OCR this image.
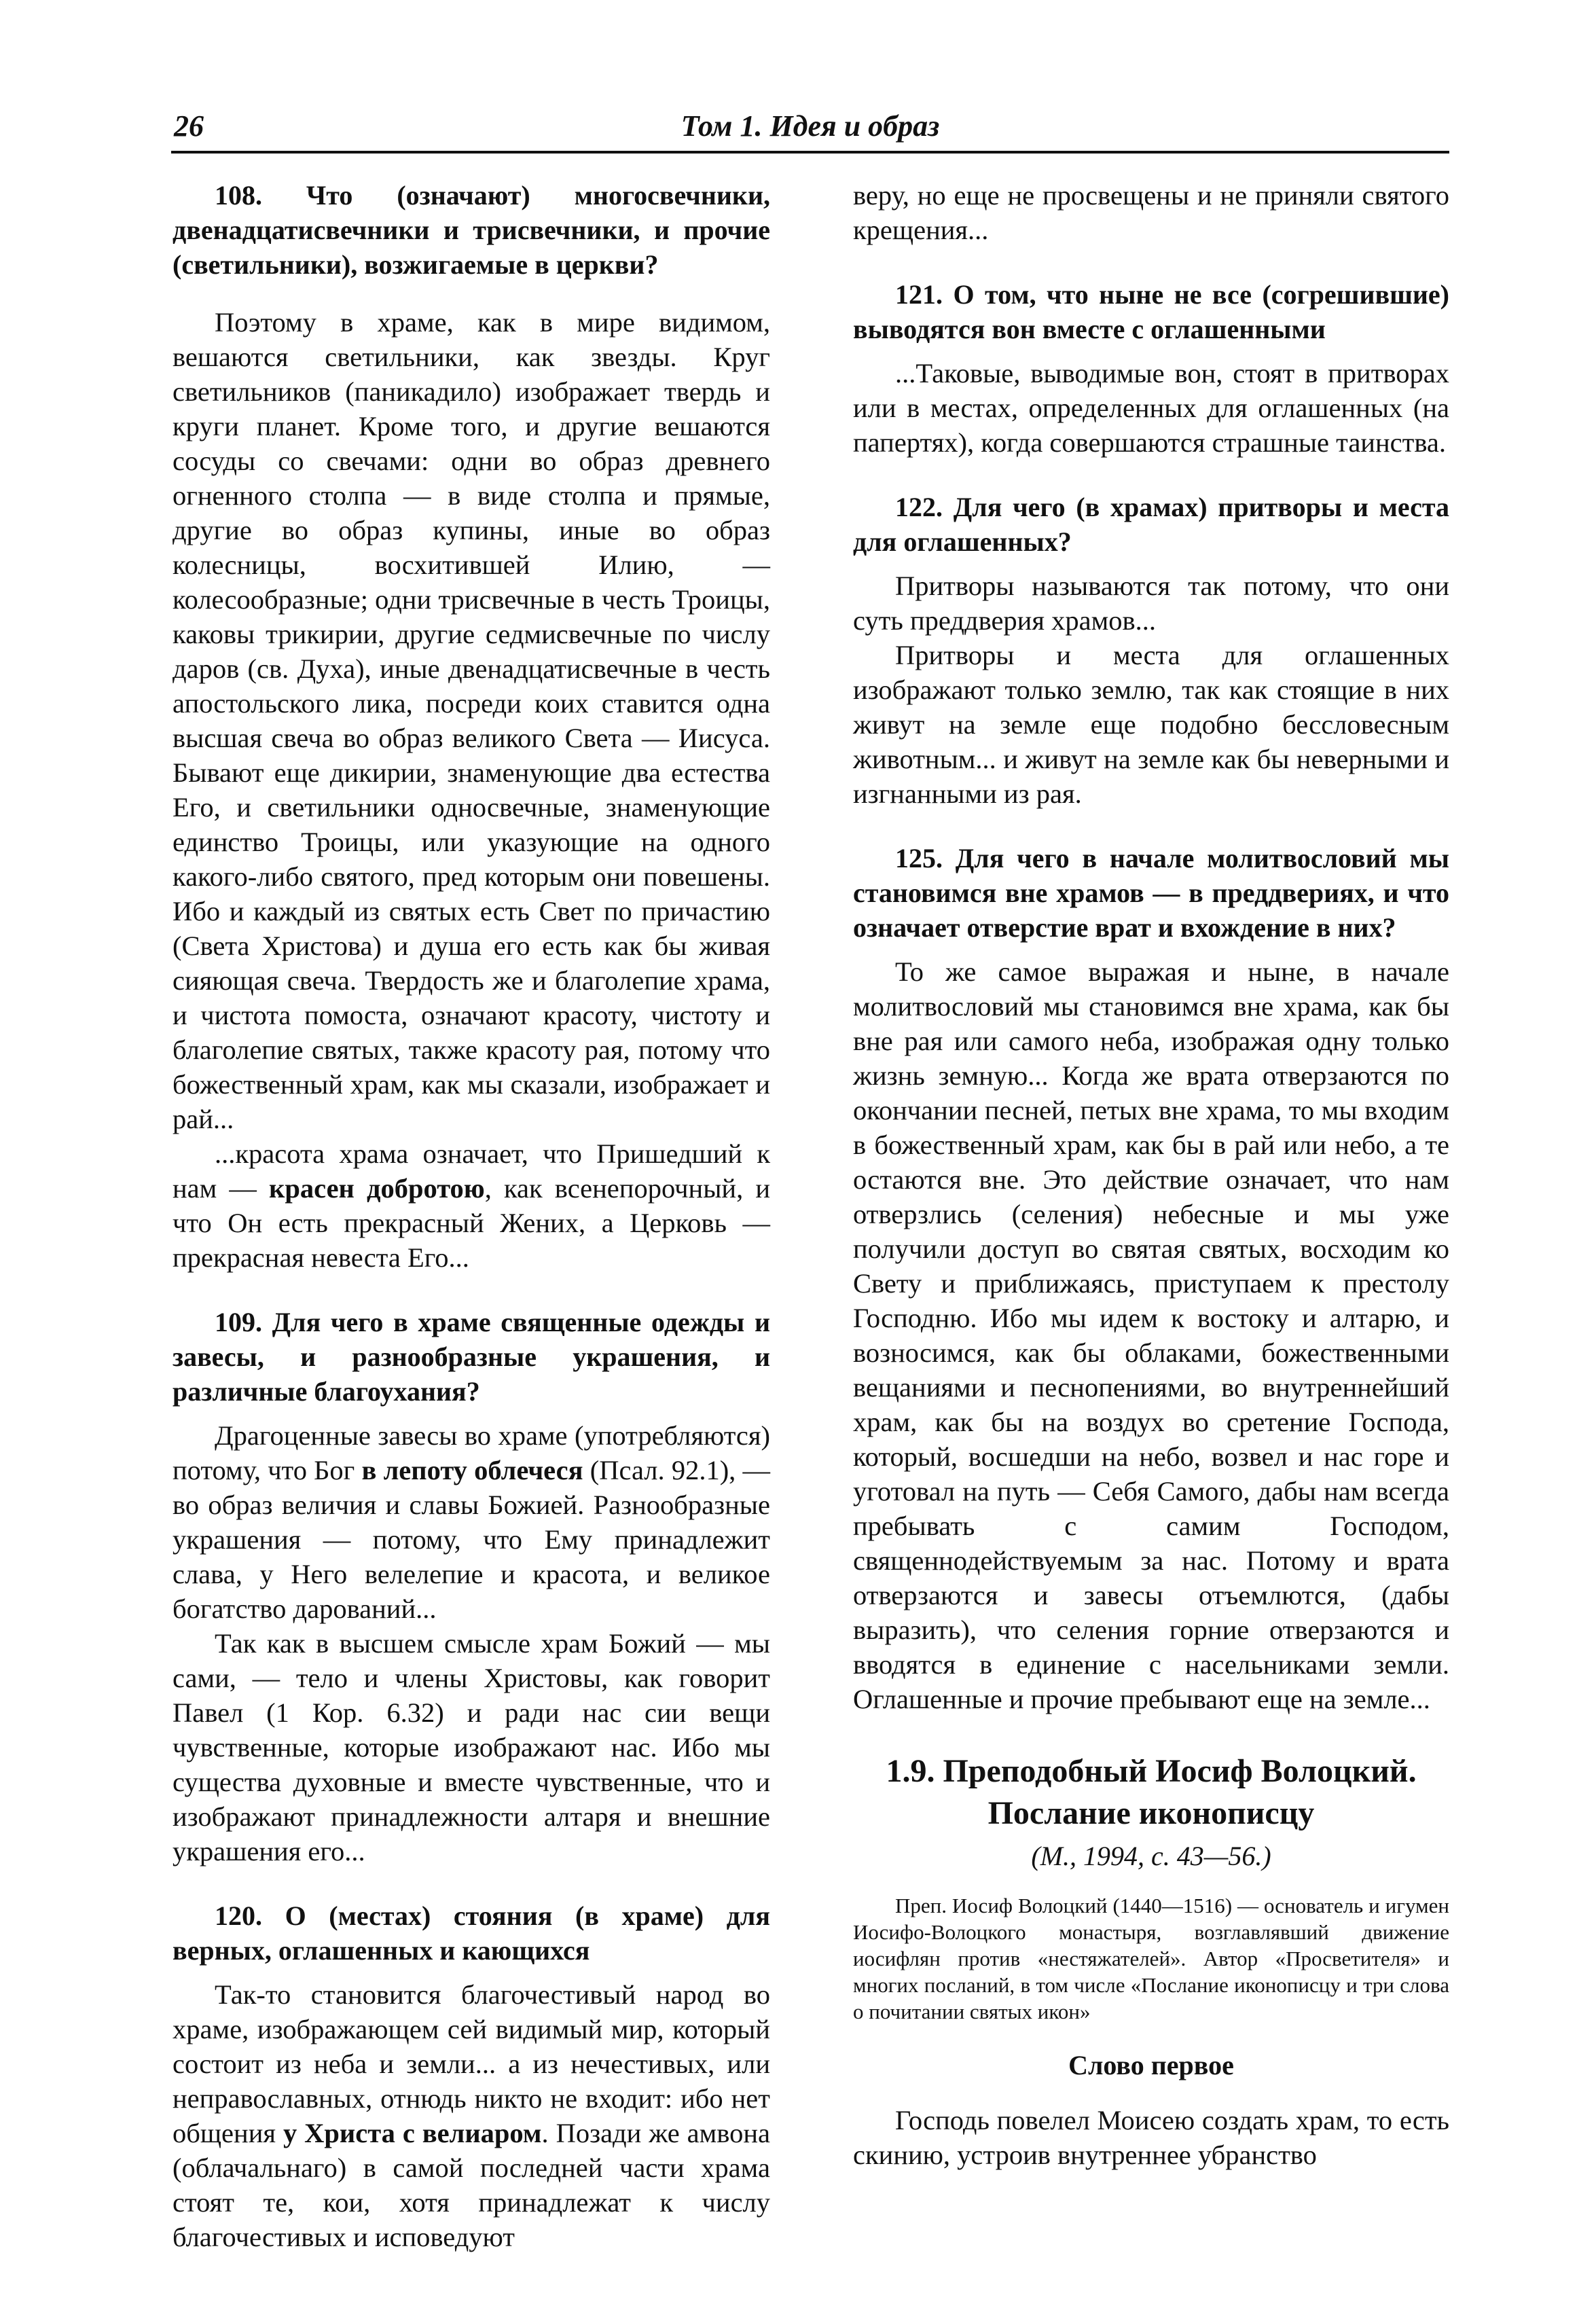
26	Том 1. Идея и образ
108. Что (означают) многосвечники, двенадцатисвечники и трисвечники, и прочие (светильники), возжигаемые в церкви?

Поэтому в храме, как в мире видимом, вешаются светильники, как звезды. Круг светильников (паникадило) изображает твердь и круги планет. Кроме того, и другие вешаются сосуды со свечами: одни во образ древнего огненного столпа — в виде столпа и прямые, другие во образ купины, иные во образ колесницы, восхитившей Илию, — колесообразные; одни трисвечные в честь Троицы, каковы трикирии, другие седмисвечные по числу даров (св. Духа), иные двенадцатисвечные в честь апостольского лика, посреди коих ставится одна высшая свеча во образ великого Света — Иисуса. Бывают еще дикирии, знаменующие два естества Его, и светильники односвечные, знаменующие единство Троицы, или указующие на одного какого-либо святого, пред которым они повешены. Ибо и каждый из святых есть Свет по причастию (Света Христова) и душа его есть как бы живая сияющая свеча. Твердость же и благолепие храма, и чистота помоста, означают красоту, чистоту и благолепие святых, также красоту рая, потому что божественный храм, как мы сказали, изображает и рай...

...красота храма означает, что Пришедший к нам — красен добротою, как всенепорочный, и что Он есть прекрасный Жених, а Церковь — прекрасная невеста Его...

109. Для чего в храме священные одежды и завесы, и разнообразные украшения, и различные благоухания?

Драгоценные завесы во храме (употребляются) потому, что Бог в лепоту облечеся (Псал. 92.1), — во образ величия и славы Божией. Разнообразные украшения — потому, что Ему принадлежит слава, у Него велелепие и красота, и великое богатство дарований...

Так как в высшем смысле храм Божий — мы сами, — тело и члены Христовы, как говорит Павел (1 Кор. 6.32) и ради нас сии вещи чувственные, которые изображают нас. Ибо мы существа духовные и вместе чувственные, что и изображают принадлежности алтаря и внешние украшения его...

120. О (местах) стояния (в храме) для верных, оглашенных и кающихся

Так-то становится благочестивый народ во храме, изображающем сей видимый мир, который состоит из неба и земли... а из нечестивых, или неправославных, отнюдь никто не входит: ибо нет общения у Христа с велиаром. Позади же амвона (облачальнаго) в самой последней части храма стоят те, кои, хотя принадлежат к числу благочестивых и исповедуют

веру, но еще не просвещены и не приняли святого крещения...

121. О том, что ныне не все (согрешившие) выводятся вон вместе с оглашенными

...Таковые, выводимые вон, стоят в притворах или в местах, определенных для оглашенных (на папертях), когда совершаются страшные таинства.

122. Для чего (в храмах) притворы и места для оглашенных?

Притворы называются так потому, что они суть преддверия храмов...

Притворы и места для оглашенных изображают только землю, так как стоящие в них живут на земле еще подобно бессловесным животным... и живут на земле как бы неверными и изгнанными из рая.

125. Для чего в начале молитвословий мы становимся вне храмов — в преддвериях, и что означает отверстие врат и вхождение в них?

То же самое выражая и ныне, в начале молитвословий мы становимся вне храма, как бы вне рая или самого неба, изображая одну только жизнь земную... Когда же врата отверзаются по окончании песней, петых вне храма, то мы входим в божественный храм, как бы в рай или небо, а те остаются вне. Это действие означает, что нам отверзлись (селения) небесные и мы уже получили доступ во святая святых, восходим ко Свету и приближаясь, приступаем к престолу Господню. Ибо мы идем к востоку и алтарю, и возносимся, как бы облаками, божественными вещаниями и песнопениями, во внутреннейший храм, как бы на воздух во сретение Господа, который, восшедши на небо, возвел и нас горе и уготовал на путь — Себя Самого, дабы нам всегда пребывать с самим Господом, священнодействуемым за нас. Потому и врата отверзаются и завесы отъемлются, (дабы выразить), что селения горние отверзаются и вводятся в единение с насельниками земли. Оглашенные и прочие пребывают еще на земле...

1.9. Преподобный Иосиф Волоцкий.
Послание иконописцу
(М., 1994, с. 43—56.)
Преп. Иосиф Волоцкий (1440—1516) — основатель и игумен Иосифо-Волоцкого монастыря, возглавлявший движение иосифлян против «нестяжателей». Автор «Просветителя» и многих посланий, в том числе «Послание иконописцу и три слова о почитании святых икон»
Слово первое

Господь повелел Моисею создать храм, то есть скинию, устроив внутреннее убранство
